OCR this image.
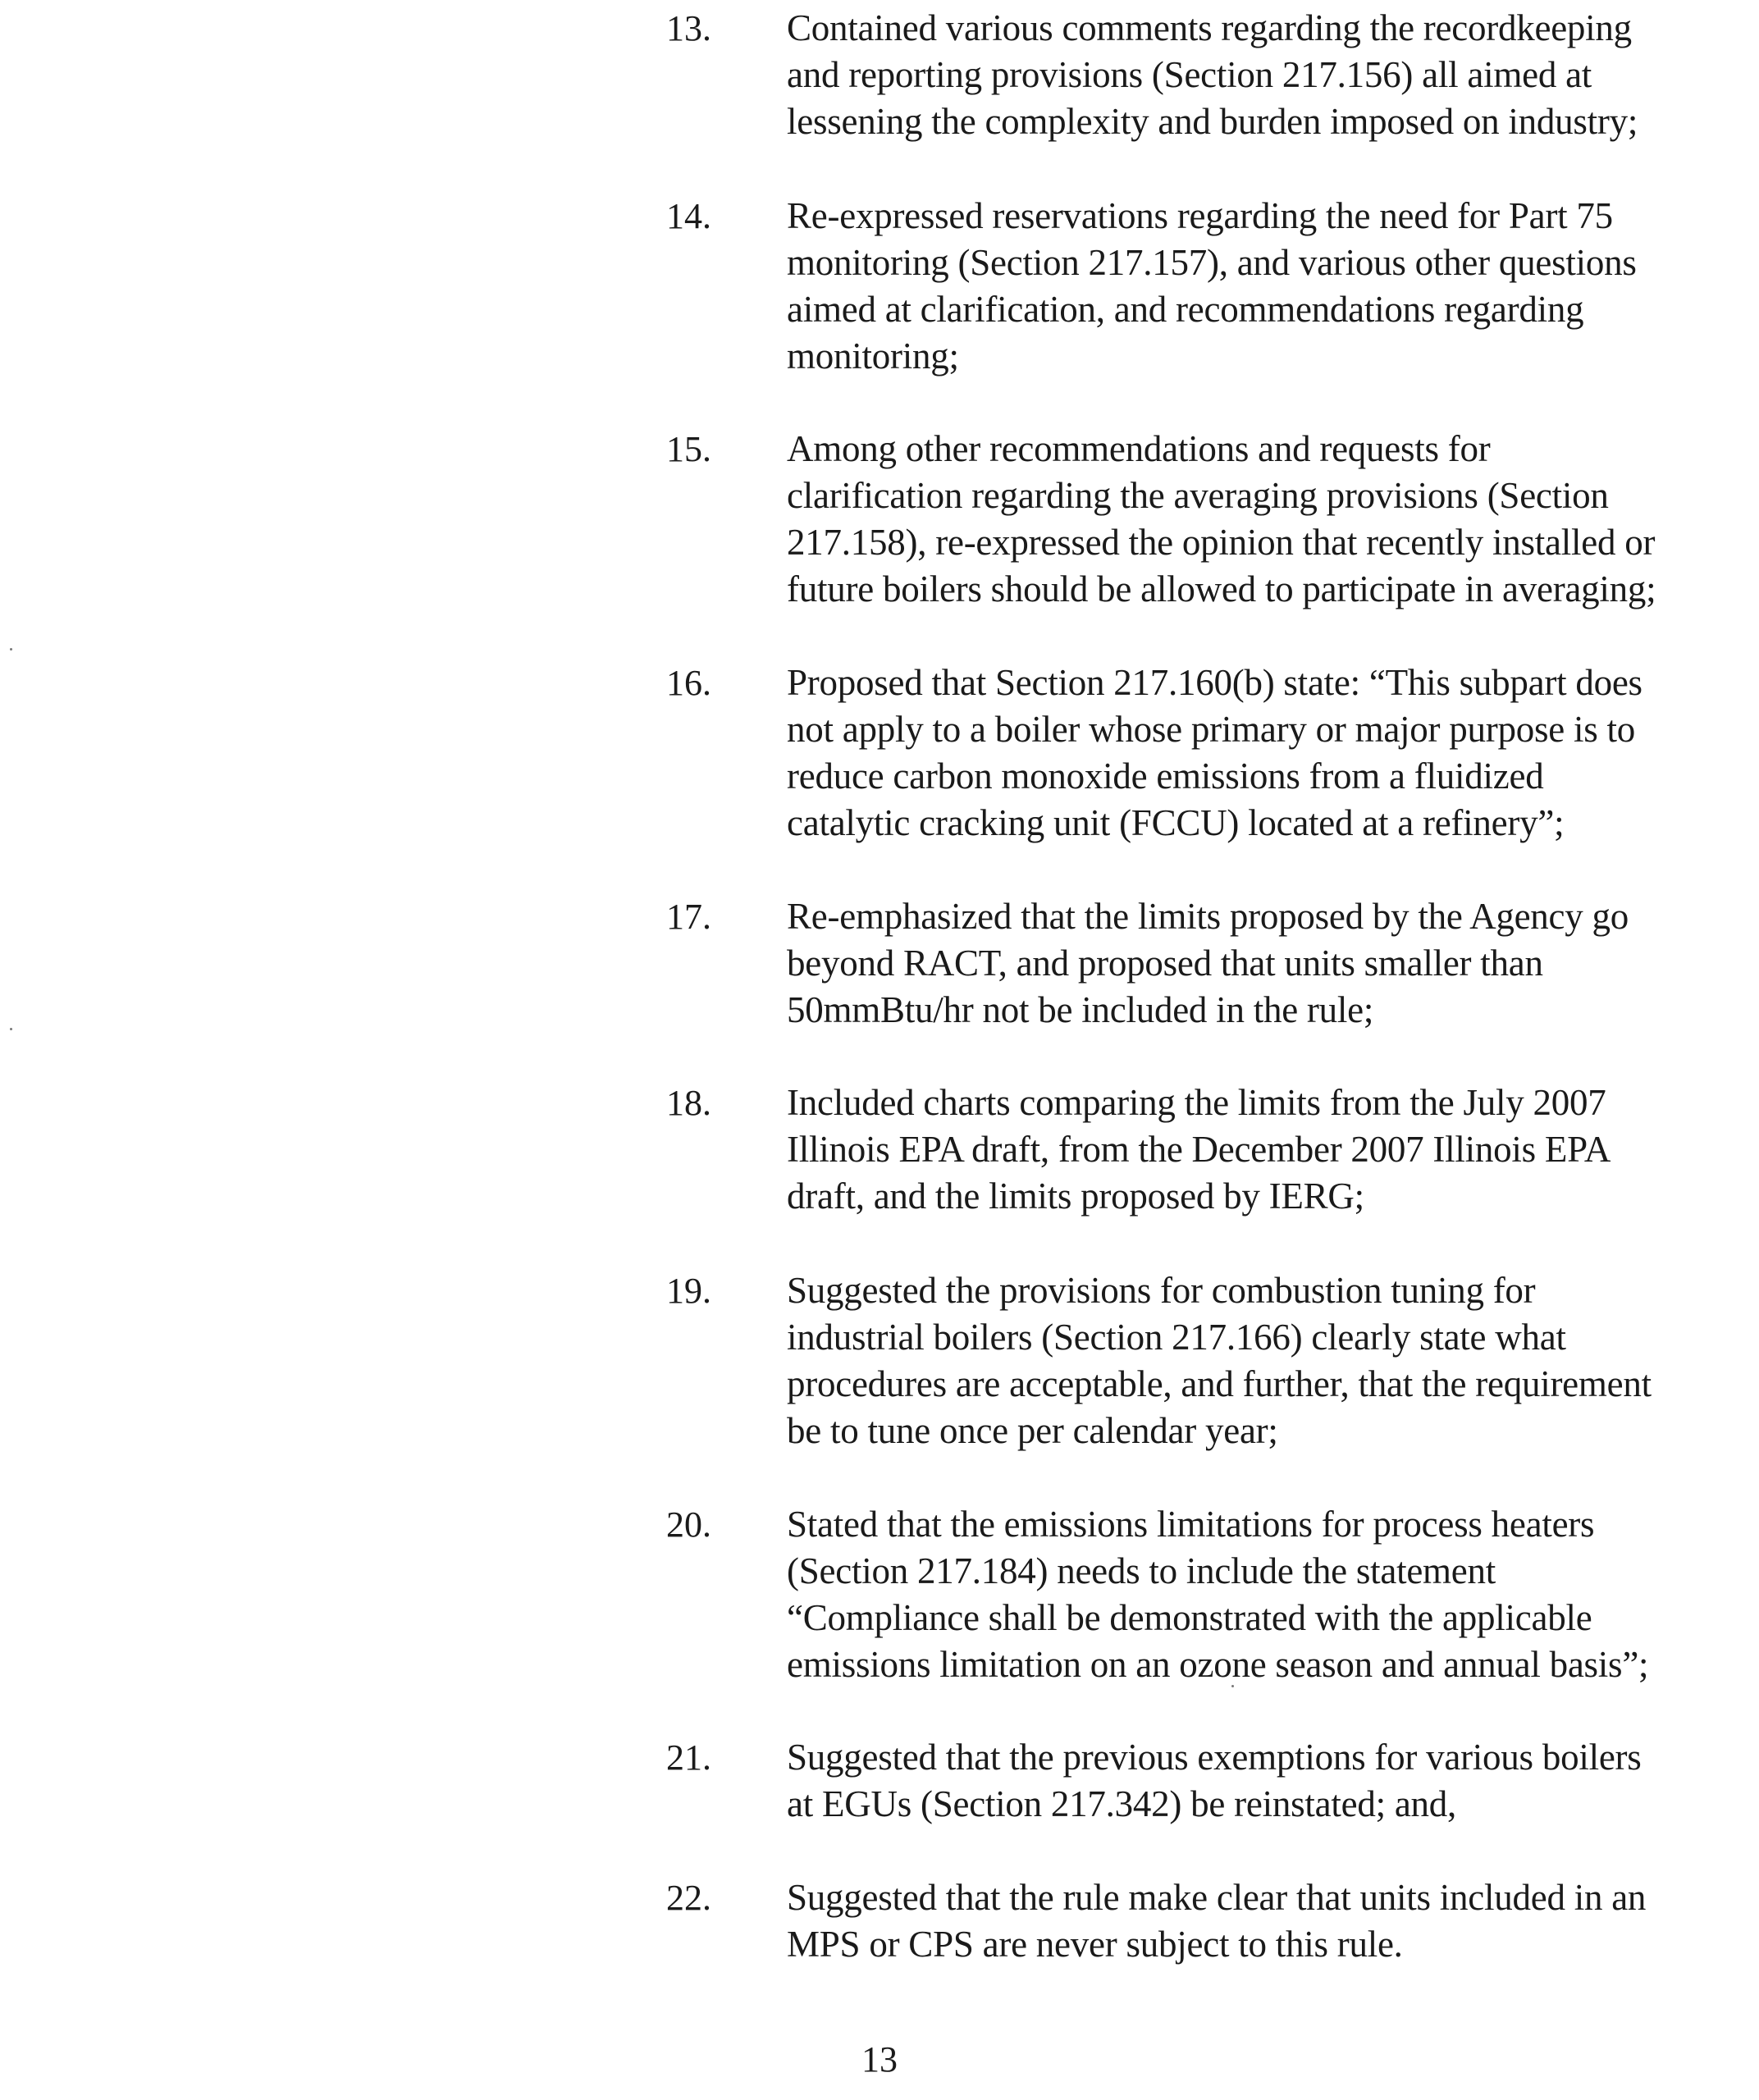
13. Contained various comments regarding the recordkeeping
and reporting provisions (Section 217.156) all aimed at
lessening the complexity and burden imposed on industry;
14. Re-expressed reservations regarding the need for Part 75
monitoring (Section 217.157), and various other questions
aimed at clarification, and recommendations regarding
monitoring;
15. Among other recommendations and requests for
clarification regarding the averaging provisions (Section
217.158), re-expressed the opinion that recently installed or
future boilers should be allowed to participate in averaging;
16. Proposed that Section 217.160(b) state: “This subpart does
not apply to a boiler whose primary or major purpose is to
reduce carbon monoxide emissions from a fluidized
catalytic cracking unit (FCCU) located at a refinery”;
17. Re-emphasized that the limits proposed by the Agency go
beyond RACT, and proposed that units smaller than
50mmBtu/hr not be included in the rule;
18. Included charts comparing the limits from the July 2007
Illinois EPA draft, from the December 2007 Illinois EPA
draft, and the limits proposed by IERG;
19. Suggested the provisions for combustion tuning for
industrial boilers (Section 217.166) clearly state what
procedures are acceptable, and further, that the requirement
be to tune once per calendar year;
20. Stated that the emissions limitations for process heaters
(Section 217.184) needs to include the statement
“Compliance shall be demonstrated with the applicable
emissions limitation on an ozone season and annual basis”;
21. Suggested that the previous exemptions for various boilers
at EGUs (Section 217.342) be reinstated; and,
22. Suggested that the rule make clear that units included in an
MPS or CPS are never subject to this rule.
13
